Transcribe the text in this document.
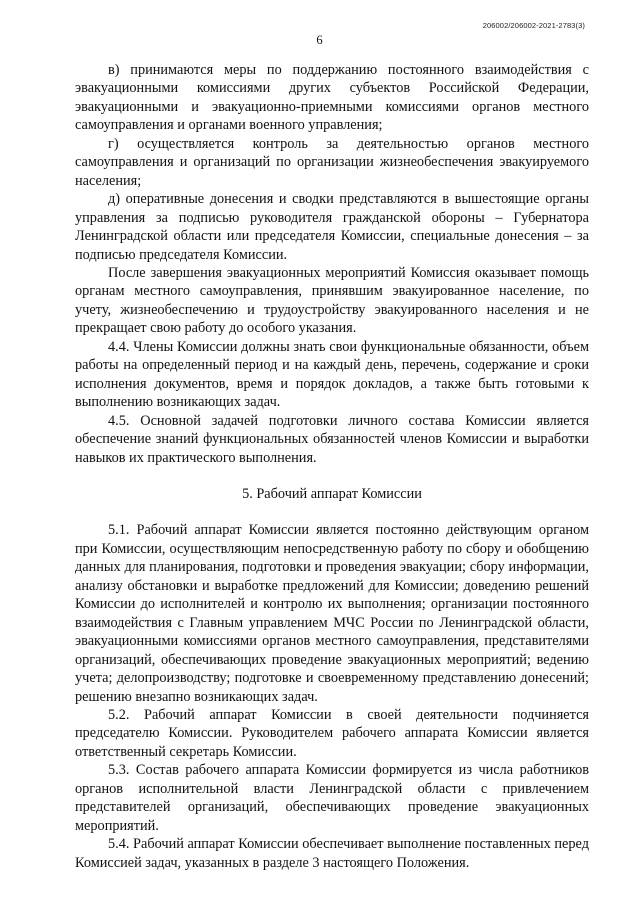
206002/206002-2021-2783(3)
6

в) принимаются меры по поддержанию постоянного взаимодействия с эвакуационными комиссиями других субъектов Российской Федерации, эвакуационными и эвакуационно-приемными комиссиями органов местного самоуправления и органами военного управления;

г) осуществляется контроль за деятельностью органов местного самоуправления и организаций по организации жизнеобеспечения эвакуируемого населения;

д) оперативные донесения и сводки представляются в вышестоящие органы управления за подписью руководителя гражданской обороны – Губернатора Ленинградской области или председателя Комиссии, специальные донесения – за подписью председателя Комиссии.

После завершения эвакуационных мероприятий Комиссия оказывает помощь органам местного самоуправления, принявшим эвакуированное население, по учету, жизнеобеспечению и трудоустройству эвакуированного населения и не прекращает свою работу до особого указания.

4.4. Члены Комиссии должны знать свои функциональные обязанности, объем работы на определенный период и на каждый день, перечень, содержание и сроки исполнения документов, время и порядок докладов, а также быть готовыми к выполнению возникающих задач.

4.5. Основной задачей подготовки личного состава Комиссии является обеспечение знаний функциональных обязанностей членов Комиссии и выработки навыков их практического выполнения.

5. Рабочий аппарат Комиссии

5.1. Рабочий аппарат Комиссии является постоянно действующим органом при Комиссии, осуществляющим непосредственную работу по сбору и обобщению данных для планирования, подготовки и проведения эвакуации; сбору информации, анализу обстановки и выработке предложений для Комиссии; доведению решений Комиссии до исполнителей и контролю их выполнения; организации постоянного взаимодействия с Главным управлением МЧС России по Ленинградской области, эвакуационными комиссиями органов местного самоуправления, представителями организаций, обеспечивающих проведение эвакуационных мероприятий; ведению учета; делопроизводству; подготовке и своевременному представлению донесений; решению внезапно возникающих задач.

5.2. Рабочий аппарат Комиссии в своей деятельности подчиняется председателю Комиссии. Руководителем рабочего аппарата Комиссии является ответственный секретарь Комиссии.

5.3. Состав рабочего аппарата Комиссии формируется из числа работников органов исполнительной власти Ленинградской области с привлечением представителей организаций, обеспечивающих проведение эвакуационных мероприятий.

5.4. Рабочий аппарат Комиссии обеспечивает выполнение поставленных перед Комиссией задач, указанных в разделе 3 настоящего Положения.
